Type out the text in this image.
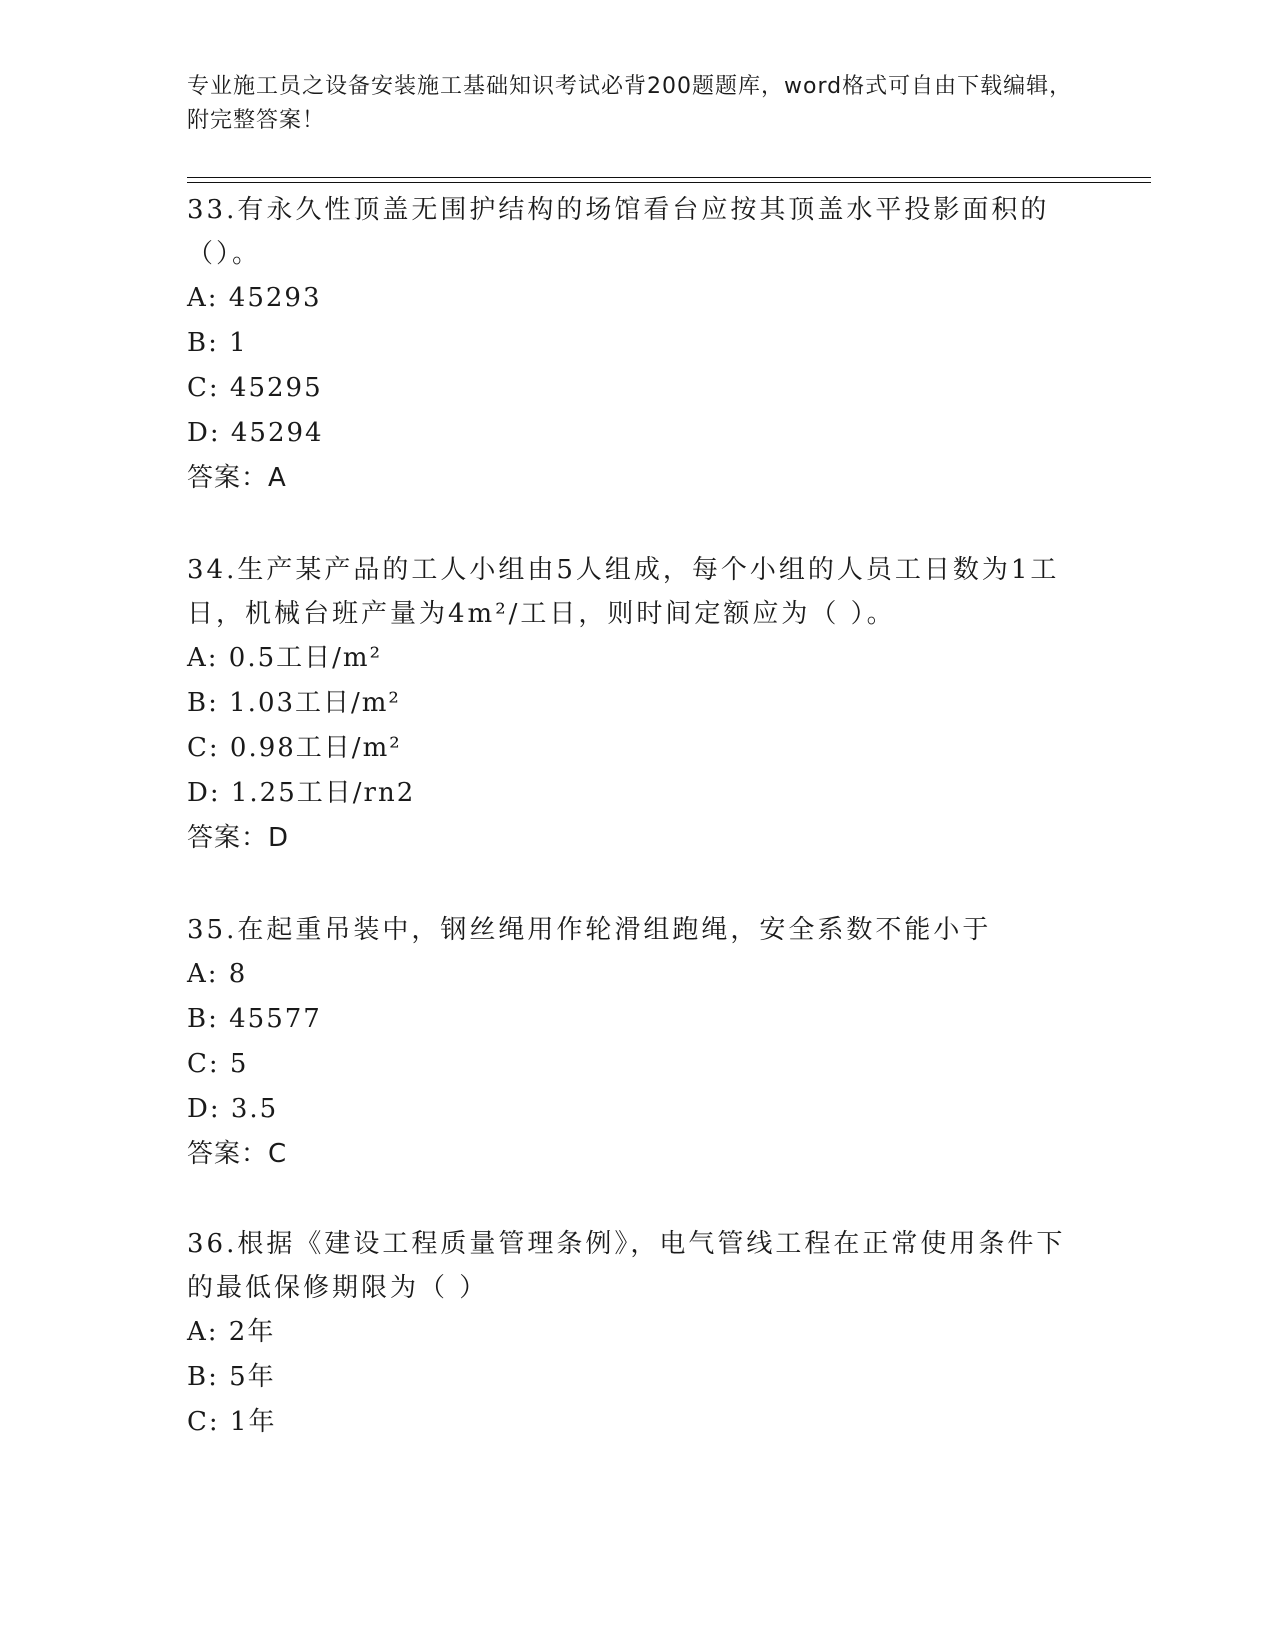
专业施工员之设备安装施工基础知识考试必背200题题库，word格式可自由下载编辑，附完整答案！

33.有永久性顶盖无围护结构的场馆看台应按其顶盖水平投影面积的（）。

A: 45293

B: 1

C: 45295

D: 45294

答案：A

34.生产某产品的工人小组由5人组成，每个小组的人员工日数为1工日，机械台班产量为4m²/工日，则时间定额应为（ ）。

A: 0.5工日/m²

B: 1.03工日/m²

C: 0.98工日/m²

D: 1.25工日/rn2

答案：D

35.在起重吊装中，钢丝绳用作轮滑组跑绳，安全系数不能小于

A: 8

B: 45577

C: 5

D: 3.5

答案：C

36.根据《建设工程质量管理条例》，电气管线工程在正常使用条件下的最低保修期限为（ ）

A: 2年

B: 5年

C: 1年
